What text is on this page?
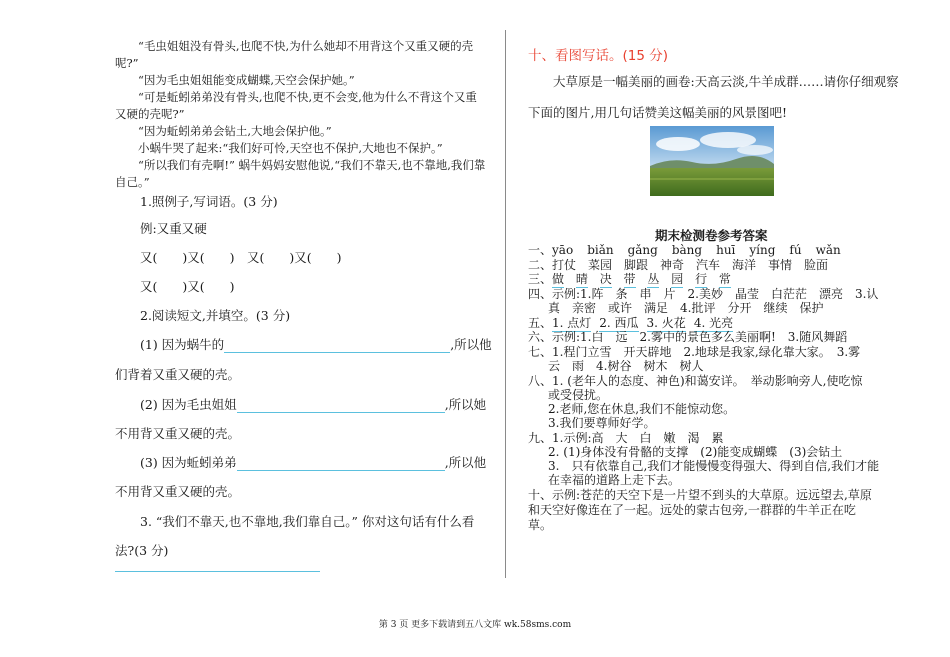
“毛虫姐姐没有骨头,也爬不快,为什么她却不用背这个又重又硬的壳呢?”

“因为毛虫姐姐能变成蝴蝶,天空会保护她。”

“可是蚯蚓弟弟没有骨头,也爬不快,更不会变,他为什么不背这个又重又硬的壳呢?”

“因为蚯蚓弟弟会钻土,大地会保护他。”

小蜗牛哭了起来:“我们好可怜,天空也不保护,大地也不保护。”

“所以我们有壳啊!” 蜗牛妈妈安慰他说,“我们不靠天,也不靠地,我们靠自己。”

1.照例子,写词语。(3 分)
例:又重又硬
又(　　)又(　　)　又(　　)又(　　)
又(　　)又(　　)
2.阅读短文,并填空。(3 分)
(1) 因为蜗牛的	,所以他
们背着又重又硬的壳。
(2) 因为毛虫姐姐	,所以她
不用背又重又硬的壳。
(3) 因为蚯蚓弟弟	,所以他
不用背又重又硬的壳。
3. “我们不靠天,也不靠地,我们靠自己。” 你对这句话有什么看
法?(3 分)
十、看图写话。(15 分)
大草原是一幅美丽的画卷:天高云淡,牛羊成群……请你仔细观察
下面的图片,用几句话赞美这幅美丽的风景图吧!
期末检测卷参考答案
一、yāo biǎn gǎng bàng huī yíng fú wǎn
二、打仗　菜园　脚跟　神奇　汽车　海洋　事情　脸面
三、做 晴 决 带 丛 园 行 常
四、示例:1.阵　条　串　片　2.美妙　晶莹　白茫茫　漂亮　3.认
真　亲密　或许　满足　4.批评　分开　继续　保护
五、1. 点灯 2. 西瓜 3. 火花 4. 光亮
六、示例:1.白　远　2.雾中的景色多么美丽啊!　3.随风舞蹈
七、1.程门立雪　开天辟地　2.地球是我家,绿化靠大家。　3.雾
云　雨　4.树谷　树木　树人
八、1. (老年人的态度、神色)和蔼安详。　举动影响旁人,使吃惊
或受侵扰。
2.老师,您在休息,我们不能惊动您。
3.我们要尊师好学。
九、1.示例:高　大　白　嫩　渴　累
2. (1)身体没有骨骼的支撑　(2)能变成蝴蝶　(3)会钻土
3.　只有依靠自己,我们才能慢慢变得强大、得到自信,我们才能
在幸福的道路上走下去。
十、示例:苍茫的天空下是一片望不到头的大草原。远远望去,草原
和天空好像连在了一起。远处的蒙古包旁,一群群的牛羊正在吃
草。
第 3 页 更多下载请到五八文库 wk.58sms.com
